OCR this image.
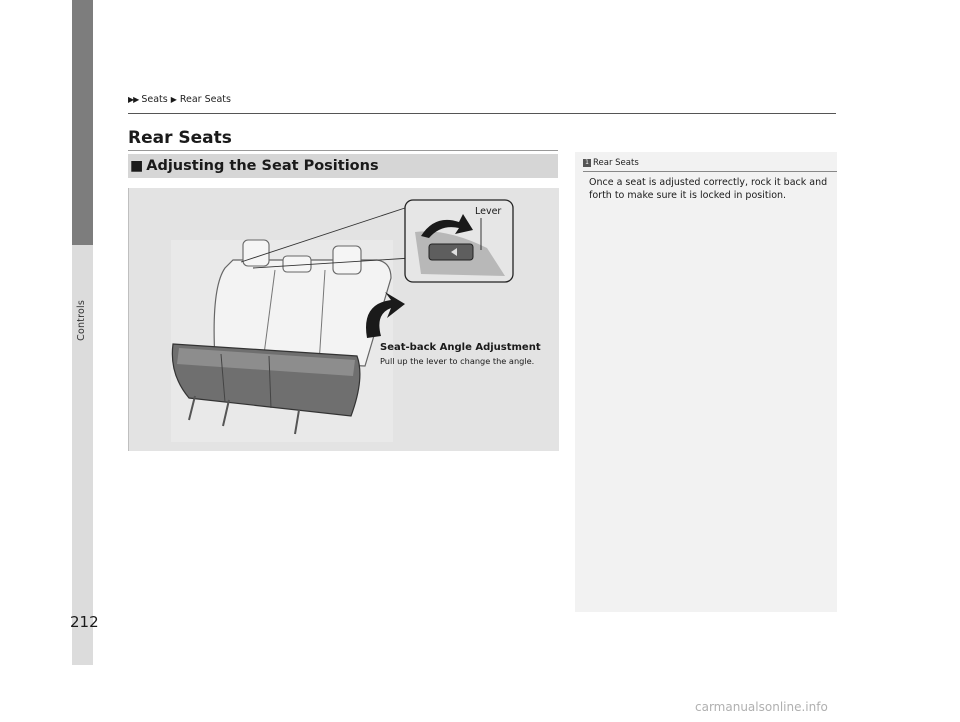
Controls
212
▶▶ Seats ▶ Rear Seats
Rear Seats
■ Adjusting the Seat Positions
Lever
Seat-back Angle Adjustment
Pull up the lever to change the angle.
1 Rear Seats

Once a seat is adjusted correctly, rock it back and forth to make sure it is locked in position.

carmanualsonline.info
